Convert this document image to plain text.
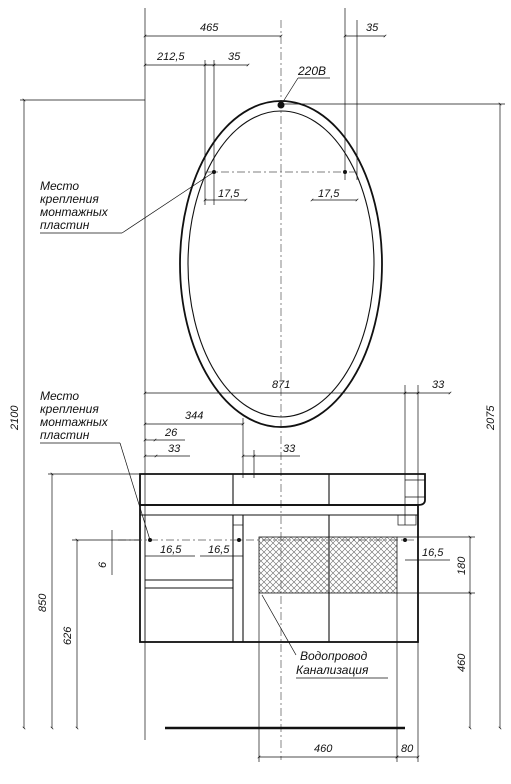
465	35
212,5	35
220В
17,5	17,5
Место
крепления
монтажных
пластин
2100	2075
871	33
344
26
33	33
Место
крепления
монтажных
пластин
16,5 16,5	16,5
6
850
626
180
460
Водопровод
Канализация
460	80
